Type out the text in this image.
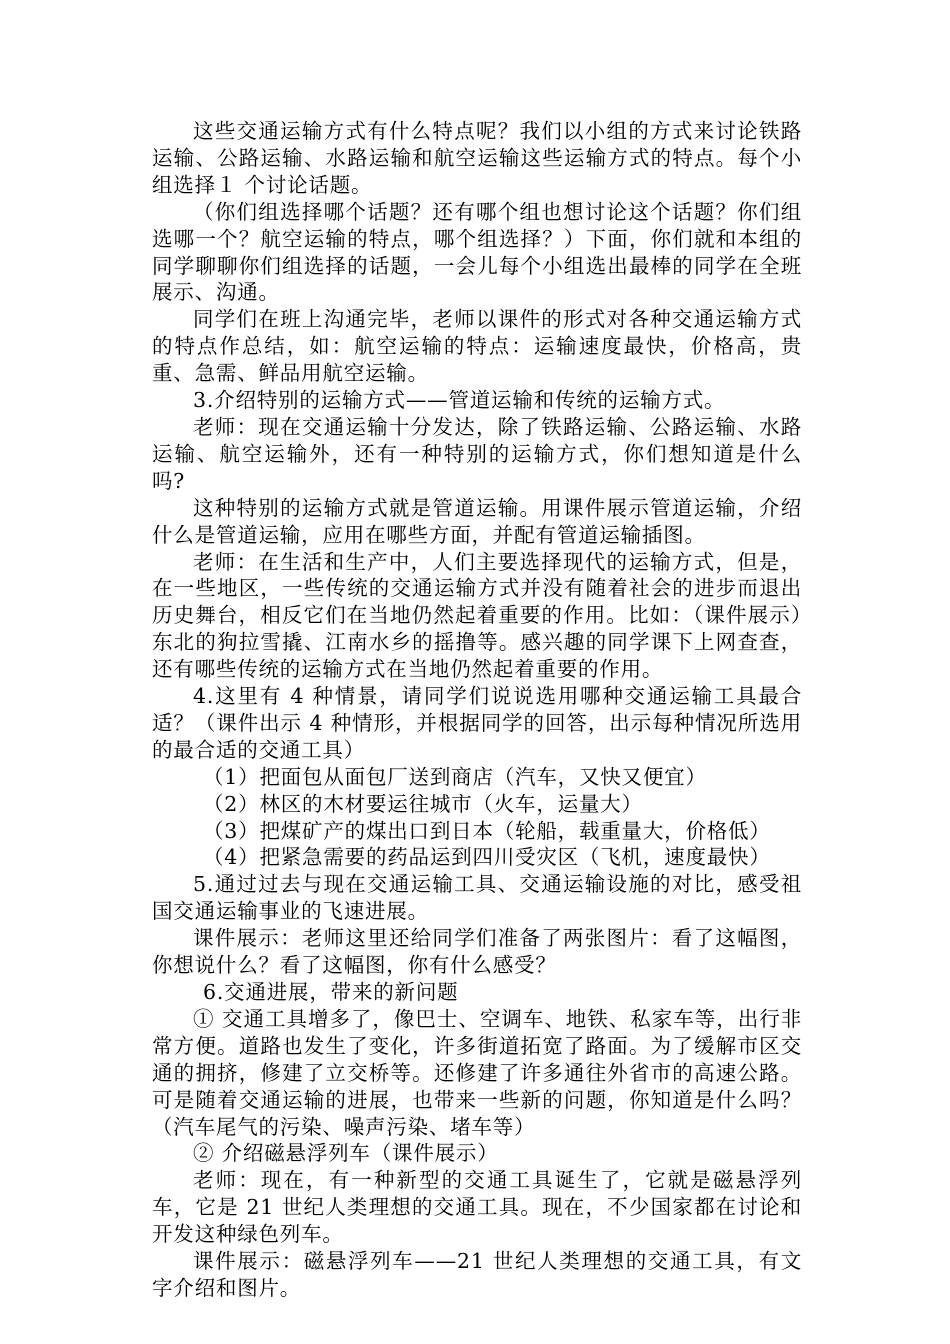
这些交通运输方式有什么特点呢？我们以小组的方式来讨论铁路运输、公路运输、水路运输和航空运输这些运输方式的特点。每个小组选择１ 个讨论话题。

（你们组选择哪个话题？还有哪个组也想讨论这个话题？你们组选哪一个？航空运输的特点，哪个组选择？）下面，你们就和本组的同学聊聊你们组选择的话题，一会儿每个小组选出最棒的同学在全班展示、沟通。

同学们在班上沟通完毕，老师以课件的形式对各种交通运输方式的特点作总结，如：航空运输的特点：运输速度最快，价格高，贵重、急需、鲜品用航空运输。

3.介绍特别的运输方式——管道运输和传统的运输方式。

老师：现在交通运输十分发达，除了铁路运输、公路运输、水路运输、航空运输外，还有一种特别的运输方式，你们想知道是什么吗?

这种特别的运输方式就是管道运输。用课件展示管道运输，介绍什么是管道运输，应用在哪些方面，并配有管道运输插图。

老师：在生活和生产中，人们主要选择现代的运输方式，但是，在一些地区，一些传统的交通运输方式并没有随着社会的进步而退出历史舞台，相反它们在当地仍然起着重要的作用。比如：（课件展示）东北的狗拉雪撬、江南水乡的摇撸等。感兴趣的同学课下上网查查，还有哪些传统的运输方式在当地仍然起着重要的作用。

4.这里有 4 种情景，请同学们说说选用哪种交通运输工具最合适？（课件出示 4 种情形，并根据同学的回答，出示每种情况所选用的最合适的交通工具）

（1）把面包从面包厂送到商店（汽车，又快又便宜）

（2）林区的木材要运往城市（火车，运量大）

（3）把煤矿产的煤出口到日本（轮船，载重量大，价格低）

（4）把紧急需要的药品运到四川受灾区（飞机，速度最快）

5.通过过去与现在交通运输工具、交通运输设施的对比，感受祖国交通运输事业的飞速进展。

课件展示：老师这里还给同学们准备了两张图片：看了这幅图，你想说什么？看了这幅图，你有什么感受？

6.交通进展，带来的新问题

① 交通工具增多了，像巴士、空调车、地铁、私家车等，出行非常方便。道路也发生了变化，许多街道拓宽了路面。为了缓解市区交通的拥挤，修建了立交桥等。还修建了许多通往外省市的高速公路。可是随着交通运输的进展，也带来一些新的问题，你知道是什么吗？（汽车尾气的污染、噪声污染、堵车等）

② 介绍磁悬浮列车（课件展示）

老师：现在，有一种新型的交通工具诞生了，它就是磁悬浮列车，它是 21 世纪人类理想的交通工具。现在，不少国家都在讨论和开发这种绿色列车。

课件展示：磁悬浮列车——21 世纪人类理想的交通工具，有文字介绍和图片。
